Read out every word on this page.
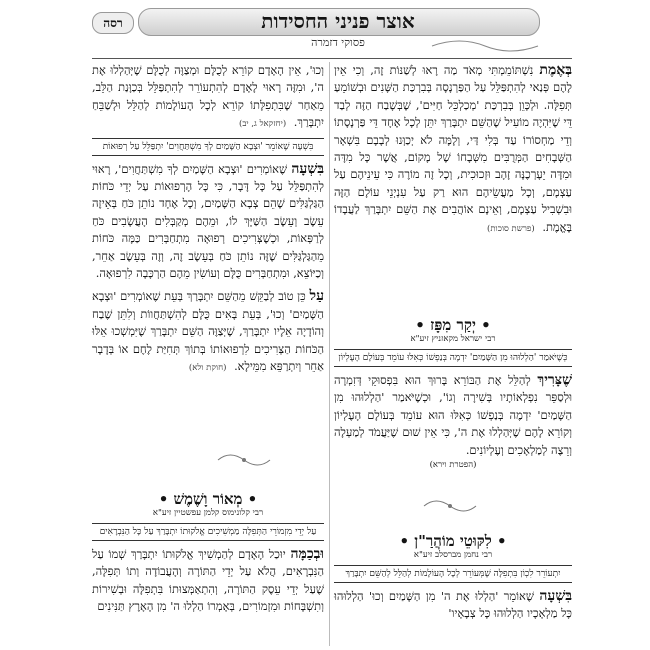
אוצר פניני החסידות
פסוקי דזמרה
רסה

בְּאֶמֶת נִשְׁתּוֹמֵמְתִּי מְאֹד מַה רָאוּ לְשַׁנּוֹת זֶה, וְכִי אֵין לָהֶם פְּנַאי לְהִתְפַּלֵּל עַל הַפַּרְנָסָה בְּבִרְכַּת הַשָּׁנִים וּבְשׁוֹמֵעַ תְּפִלָּה. וּלְכָּוֵן בְּבִרְכַּת 'מְכַלְכֵּל חַיִּים', שֶׁבְּשָׁבַח הַזֶּה לְבַד דֵּי שֶׁיִּהְיֶה מוֹעִיל שֶׁהַשֵּׁם יִתְבָּרַךְ יִתֵּן לְכָל אֶחָד דֵּי פַּרְנָסָתוֹ וְדֵי מַחְסוֹרוֹ עַד בְּלִי דַּי, וְלָמָּה לֹא יְכַוְּנוּ לְבָבָם בִּשְׁאָר הַשְּׁבָחִים הַמְּרֻבִּים מִשְּׁבָחוֹ שֶׁל מָקוֹם, אֲשֶׁר כָּל מִדָּה וּמִדָּה יֵעָרְכֶנָּה זָהָב וּזְכוּכִית, וְכָל זֶה מוֹרֶה כִּי עֵינֵיהֶם עַל עַצְמָם, וְכָל מַעֲשֵׂיהֶם הוּא רַק עַל עִנְיְנֵי עוֹלָם הַזֶּה וּבִשְׁבִיל עַצְמָם, וְאֵינָם אוֹהֲבִים אֶת הַשֵּׁם יִתְבָּרַךְ לַעֲבָדוֹ בֶּאֱמֶת. (פרשת סוכות)

• יְקַר מִפָּז •
רבי ישראל מקאזניץ זיע"א
כְּשֶׁיֹּאמַר 'הַלְלוּהוּ מִן הַשָּׁמַיִם' יִדְמֶה בְּנַפְשׁוֹ כְּאִלּוּ עוֹמֵד בְּעוֹלָם הָעֶלְיוֹן

שֶׁצָּרִיךְ לְהַלֵּל אֶת הַבּוֹרֵא בָּרוּךְ הוּא בִּפְסוּקֵי דְּזִמְרָה וּלְסַפֵּר נִפְלְאוֹתָיו בְּשִׁירָה וְגוֹ', וּכְשֶׁיֹּאמַר 'הַלְלוּהוּ מִן הַשָּׁמַיִם' יִדְמֶה בְּנַפְשׁוֹ כְּאִלּוּ הוּא עוֹמֵד בְּעוֹלָם הָעֶלְיוֹן וְקוֹרֵא לָהֶם שֶׁיְּהַלְלוּ אֶת ה', כִּי אֵין שׁוּם שֶׁיַּעֲמֹד לְמַעְלָה וְרֵצֶה לְמַלְאָכִים וְעֶלְיוֹנִים.

(הפטרת וירא)
• לִקּוּטֵי מוֹהֲרַ"ן •
רבי נחמן מברסלב זיע"א
יִתְעוֹרֵר לִכְוֹן בִּתְפִלָּה שֶׁמְּעוֹרֵר לְכָל הָעוֹלָמוֹת לְהַלֵּל לְהַשֵּׁם יִתְבָּרַךְ

בִּשְׁעָה שֶׁאוֹמֵר 'הַלְלוּ אֶת ה' מִן הַשָּׁמַיִם וְכוּ' הַלְלוּהוּ כָּל מַלְאָכָיו הַלְלוּהוּ כָּל צְבָאָיו'

וְכוּ', אֵין הָאָדָם קוֹרֵא לְכֻלָּם וּמְצַוֶּה לְכֻלָּם שֶׁיְּהַלְלוּ אֶת ה', וּמִזֶּה רָאוּי לָאָדָם לְהִתְעוֹרֵר לְהִתְפַּלֵּל בְּכַוָּנַת הַלֵּב, מֵאַחַר שֶׁבִּתְפִלָּתוֹ קוֹרֵא לְכָל הָעוֹלָמוֹת לְהַלֵּל וּלְשַׁבֵּחַ יִתְבָּרַךְ. (יחזקאל ג, יב)

בִּשְׁעָה שֶׁאוֹמֵר 'וּצְבָא הַשָּׁמַיִם לְךָ מִשְׁתַּחֲוִים' יִתְפַּלֵּל עַל רְפוּאוֹת

בִּשְׁעָה שֶׁאוֹמְרִים 'וּצְבָא הַשָּׁמַיִם לְךָ מִשְׁתַּחֲוִים', רָאוּי לְהִתְפַּלֵּל עַל כָּל דָּבָר, כִּי כָּל הָרְפוּאוֹת עַל יְדֵי כֹּחוֹת הַגַּלְגַּלִּים שֶׁהֵם צְבָא הַשָּׁמַיִם, וְכָל אֶחָד נוֹתֵן כֹּחַ בְּאֵיזֶה עֵשֶׂב וְעֵשֶׂב הַשַּׁיָּךְ לוֹ, וּמֵהֶם מְקַבְּלִים הָעֲשָׂבִים כֹּחַ לְרַפְּאוֹת, וּכְשֶׁצְּרִיכִים רְפוּאָה מִתְחַבְּרִים כַּמָּה כֹּחוֹת מֵהַגַּלְגַּלִּים שֶׁזֶּה נוֹתֵן כֹּחַ בְּעֵשֶׂב זֶה, וְזֶה בְּעֵשֶׂב אַחֵר, וְכַיּוֹצֵא, וּמִתְחַבְּרִים כֻּלָּם וְעוֹשִׂין מֵהֶם הַרְכָּבָה לִרְפוּאָה.

עַל כֵּן טוֹב לְבַקֵּשׁ מֵהַשֵּׁם יִתְבָּרַךְ בְּעֵת שֶׁאוֹמְרִים 'וּצְבָא הַשָּׁמַיִם' וְכוּ', בְּעֵת בָּאִים כֻּלָּם לְהִשְׁתַּחֲווֹת וְלִתֵּן שֶׁבַח וְהוֹדָיָה אֵלָיו יִתְבָּרַךְ, שֶׁיְּצַוֶּה הַשֵּׁם יִתְבָּרַךְ שֶׁיִּמְשְׁכוּ אֵלּוּ הַכֹּחוֹת הַצְּרִיכִים לִרְפוּאוֹתוֹ בְּתוֹךְ תְּחִיַּת לֶחֶם אוֹ בְּדָבָר אַחֵר וְיִתְרַפֵּא מִמֵּילָא. (חוקת ולא)

• מְאוֹר וָשֶׁמֶשׁ •
רבי קלונימוס קלמן עפשטיין זיע"א
עַל יְדֵי מִזְמוֹרֵי הַתְּפִלָּה מַמְשִׁיכִים אֱלֹקוּתוֹ יִתְבָּרַךְ עַל כָּל הַנִּבְרָאִים

וּבְכַמָּה יוּכַל הָאָדָם לְהַמְשִׁיךְ אֱלֹקוּתוֹ יִתְבָּרַךְ שְׁמוֹ עַל הַנִּבְרָאִים, הֲלֹא עַל יְדֵי הַתּוֹרָה וְהָעֲבוֹדָה וְתוֹ תְּפִלָּה, שֶׁעַל יְדֵי עֵסֶק הַתּוֹרָה, וְהִתְאַמְּצוּתוֹ בִּתְפִלָּה וּבְשִׁירוֹת וְתִשְׁבָּחוֹת וּמִזְמוֹרִים, בְּאָמְרוֹ הַלְלוּ ה' מִן הָאָרֶץ תַּנִּינִים
